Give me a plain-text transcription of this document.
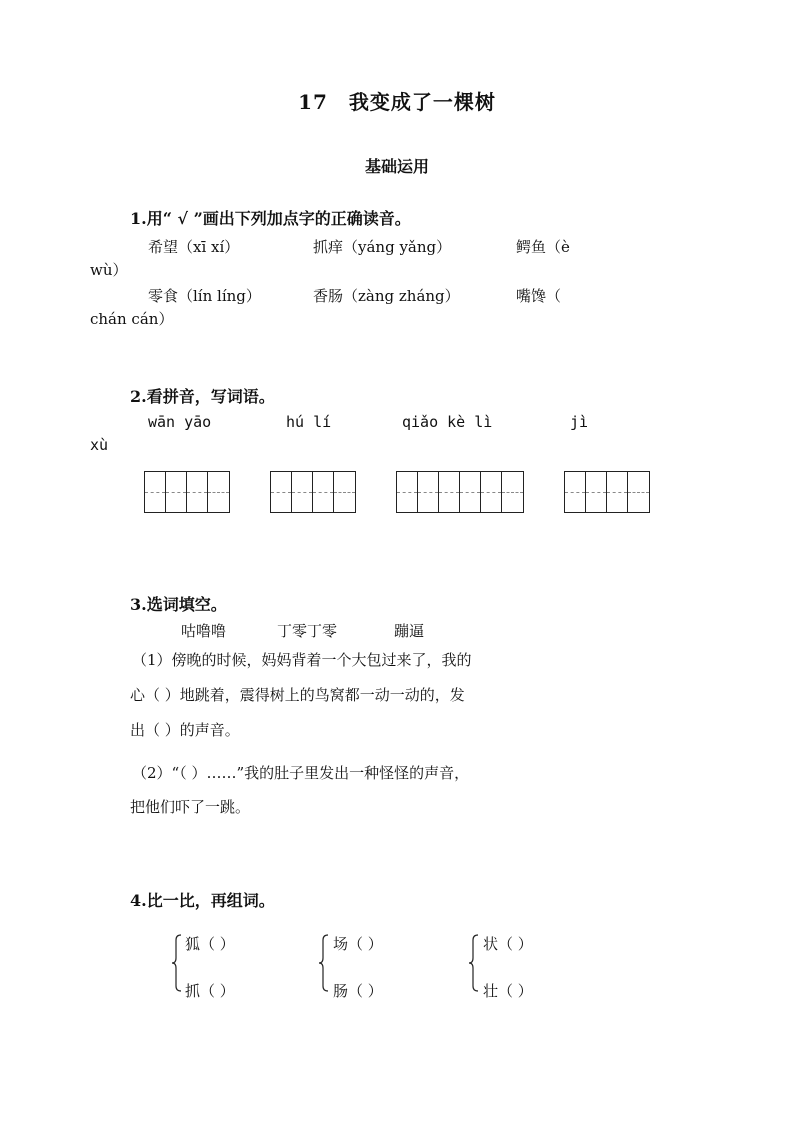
17　我变成了一棵树
基础运用
1.用“ √ ”画出下列加点字的正确读音。
希望（xī xí）	抓痒（yáng yǎng）	鳄鱼（è
wù）
零食（lín líng）	香肠（zàng zháng）	嘴馋（
chán cán）
2.看拼音，写词语。
wān yāo	hú lí	qiǎo kè lì	jì
xù
3.选词填空。
咕噜噜	丁零丁零	蹦逼
（1）傍晚的时候，妈妈背着一个大包过来了，我的
心（ ）地跳着，震得树上的鸟窝都一动一动的，发
出（ ）的声音。
（2）“（ ）……”我的肚子里发出一种怪怪的声音，
把他们吓了一跳。
4.比一比，再组词。
狐（ ）
抓（ ）
场（ ）
肠（ ）
状（ ）
壮（ ）
